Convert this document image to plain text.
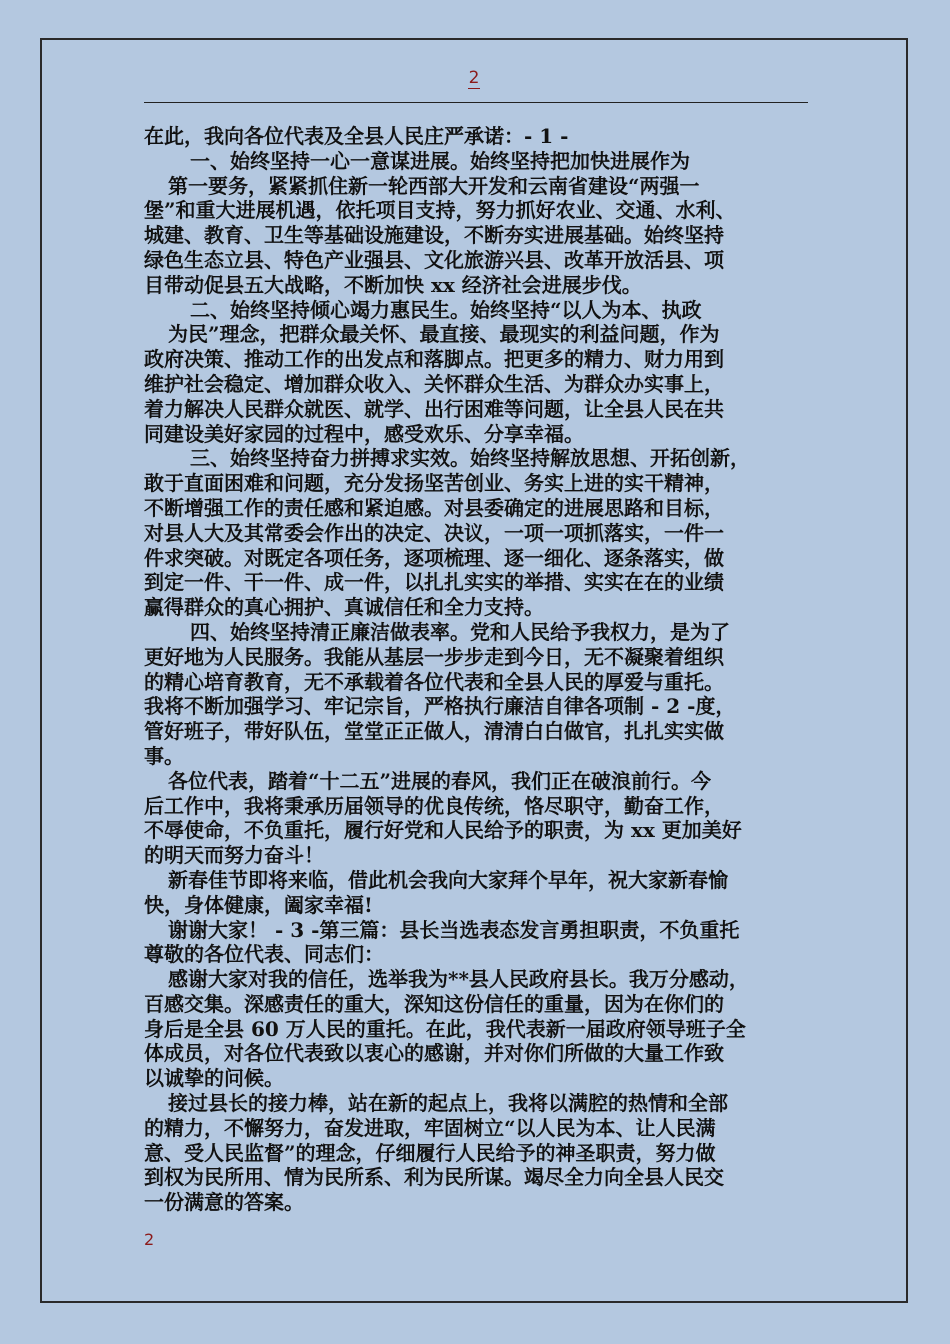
2
在此，我向各位代表及全县人民庄严承诺：- 1 -
一、始终坚持一心一意谋进展。始终坚持把加快进展作为
第一要务，紧紧抓住新一轮西部大开发和云南省建设“两强一
堡”和重大进展机遇，依托项目支持，努力抓好农业、交通、水利、
城建、教育、卫生等基础设施建设，不断夯实进展基础。始终坚持
绿色生态立县、特色产业强县、文化旅游兴县、改革开放活县、项
目带动促县五大战略，不断加快 xx 经济社会进展步伐。
二、始终坚持倾心竭力惠民生。始终坚持“以人为本、执政
为民”理念，把群众最关怀、最直接、最现实的利益问题，作为
政府决策、推动工作的出发点和落脚点。把更多的精力、财力用到
维护社会稳定、增加群众收入、关怀群众生活、为群众办实事上，
着力解决人民群众就医、就学、出行困难等问题，让全县人民在共
同建设美好家园的过程中，感受欢乐、分享幸福。
三、始终坚持奋力拼搏求实效。始终坚持解放思想、开拓创新，
敢于直面困难和问题，充分发扬坚苦创业、务实上进的实干精神，
不断增强工作的责任感和紧迫感。对县委确定的进展思路和目标，
对县人大及其常委会作出的决定、决议，一项一项抓落实，一件一
件求突破。对既定各项任务，逐项梳理、逐一细化、逐条落实，做
到定一件、干一件、成一件，以扎扎实实的举措、实实在在的业绩
赢得群众的真心拥护、真诚信任和全力支持。
四、始终坚持清正廉洁做表率。党和人民给予我权力，是为了
更好地为人民服务。我能从基层一步步走到今日，无不凝聚着组织
的精心培育教育，无不承载着各位代表和全县人民的厚爱与重托。
我将不断加强学习、牢记宗旨，严格执行廉洁自律各项制 - 2 -度，
管好班子，带好队伍，堂堂正正做人，清清白白做官，扎扎实实做
事。
各位代表，踏着“十二五”进展的春风，我们正在破浪前行。今
后工作中，我将秉承历届领导的优良传统，恪尽职守，勤奋工作，
不辱使命，不负重托，履行好党和人民给予的职责，为 xx 更加美好
的明天而努力奋斗！
新春佳节即将来临，借此机会我向大家拜个早年，祝大家新春愉
快，身体健康，阖家幸福!
谢谢大家！ - 3 -第三篇：县长当选表态发言勇担职责，不负重托
尊敬的各位代表、同志们：
感谢大家对我的信任，选举我为**县人民政府县长。我万分感动，
百感交集。深感责任的重大，深知这份信任的重量，因为在你们的
身后是全县 60 万人民的重托。在此，我代表新一届政府领导班子全
体成员，对各位代表致以衷心的感谢，并对你们所做的大量工作致
以诚挚的问候。
接过县长的接力棒，站在新的起点上，我将以满腔的热情和全部
的精力，不懈努力，奋发进取，牢固树立“以人民为本、让人民满
意、受人民监督”的理念，仔细履行人民给予的神圣职责，努力做
到权为民所用、情为民所系、利为民所谋。竭尽全力向全县人民交
一份满意的答案。
2
